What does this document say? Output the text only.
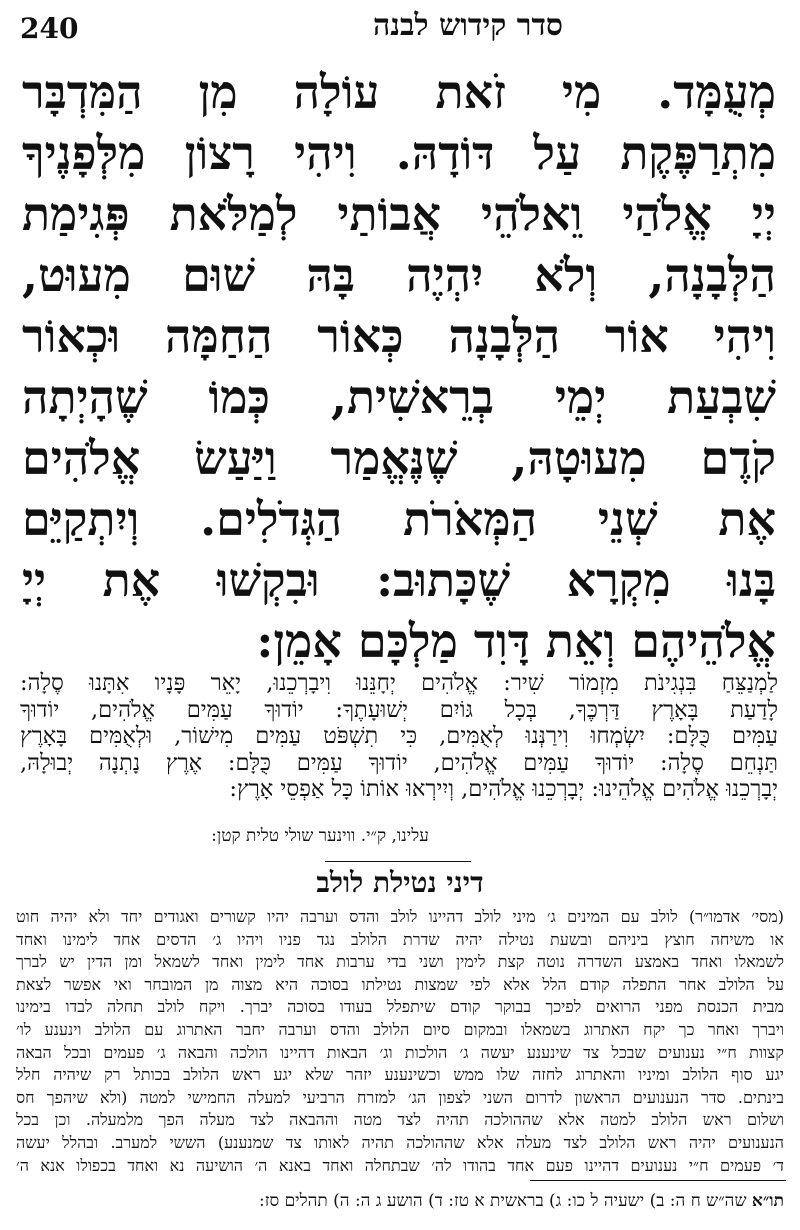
240	סדר קידוש לבנה
מְעֻמָּד. מִי זֹאת עוֹלָה מִן הַמִּדְבָּר
מִתְרַפֶּקֶת עַל דּוֹדָהּ. וִיהִי רָצוֹן מִלְּפָנֶיךָ
יְיָ אֱלֹהַי וֵאלֹהֵי אֲבוֹתַי לְמַלֹּאת פְּגִימַת
הַלְּבָנָה, וְלֹא יִהְיֶה בָּהּ שׁוּם מִעוּט,
וִיהִי אוֹר הַלְּבָנָה כְּאוֹר הַחַמָּה וּכְאוֹר
שִׁבְעַת יְמֵי בְרֵאשִׁית, כְּמוֹ שֶׁהָיְתָה
קֹדֶם מִעוּטָהּ, שֶׁנֶּאֱמַר וַיַּעַשׂ אֱלֹהִים
אֶת שְׁנֵי הַמְּאֹרֹת הַגְּדֹלִים. וְיִתְקַיֵּם
בָּנוּ מִקְרָא שֶׁכָּתוּב: וּבִקְשׁוּ אֶת יְיָ
אֱלֹהֵיהֶם וְאֵת דָּוִד מַלְכָּם אָמֵן:
לַמְנַצֵּחַ בִּנְגִינֹת מִזְמוֹר שִׁיר: אֱלֹהִים יְחָנֵּנוּ וִיבָרְכֵנוּ, יָאֵר פָּנָיו אִתָּנוּ סֶלָה:
לָדַעַת בָּאָרֶץ דַּרְכֶּךָ, בְּכָל גּוֹיִם יְשׁוּעָתֶךָ: יוֹדוּךָ עַמִּים אֱלֹהִים, יוֹדוּךָ
עַמִּים כֻּלָּם: יִשְׂמְחוּ וִירַנְּנוּ לְאֻמִּים, כִּי תִשְׁפֹּט עַמִּים מִישׁוֹר, וּלְאֻמִּים בָּאָרֶץ
תַּנְחֵם סֶלָה: יוֹדוּךָ עַמִּים אֱלֹהִים, יוֹדוּךָ עַמִּים כֻּלָּם: אֶרֶץ נָתְנָה יְבוּלָהּ,
יְבָרְכֵנוּ אֱלֹהִים אֱלֹהֵינוּ: יְבָרְכֵנוּ אֱלֹהִים, וְיִירְאוּ אוֹתוֹ כָּל אַפְסֵי אָרֶץ:
עלינו, ק״י. ווינער שולי טלית קטן:
דיני נטילת לולב
(מסי׳ אדמו״ר) לולב עם המינים ג׳ מיני לולב דהיינו לולב והדס וערבה יהיו קשורים ואגודים יחד ולא יהיה חוט
או משיחה חוצץ ביניהם ובשעת נטילה יהיה שדרת הלולב נגד פניו ויהיו ג׳ הדסים אחד לימינו ואחד
לשמאלו ואחד באמצע השדרה נוטה קצת לימין ושני בדי ערבות אחד לימין ואחד לשמאל ומן הדין יש לברך
על הלולב אחר התפלה קודם הלל אלא לפי שמצות נטילתו בסוכה היא מצוה מן המובחר ואי אפשר לצאת
מבית הכנסת מפני הרואים לפיכך בבוקר קודם שיתפלל בעודו בסוכה יברך. ויקח לולב תחלה לבדו בימינו
ויברך ואחר כך יקח האתרוג בשמאלו ובמקום סיום הלולב והדס וערבה יחבר האתרוג עם הלולב וינענע לו׳
קצוות ח״י נענועים שבכל צד שינענע יעשה ג׳ הולכות וג׳ הבאות דהיינו הולכה והבאה ג׳ פעמים ובכל הבאה
יגע סוף הלולב ומיניו והאתרוג לחזה שלו ממש וכשינענע יזהר שלא יגע ראש הלולב בכותל רק שיהיה חלל
בינתים. סדר הנענועים הראשון לדרום השני לצפון הג׳ למזרח הרביעי למעלה החמישי למטה (ולא שיהפך חס
ושלום ראש הלולב למטה אלא שההולכה תהיה לצד מטה וההבאה לצד מעלה הפך מלמעלה. וכן בכל
הנענועים יהיה ראש הלולב לצד מעלה אלא שההולכה תהיה לאותו צד שמנענע) הששי למערב. ובהלל יעשה
ד׳ פעמים ח״י נענועים דהיינו פעם אחד בהודו לה׳ שבתחלה ואחד באנא ה׳ הושיעה נא ואחד בכפולו אנא ה׳
תו״א שה״ש ח ה: ב) ישעיה ל כו: ג) בראשית א טז: ד) הושע ג ה: ה) תהלים סז:
